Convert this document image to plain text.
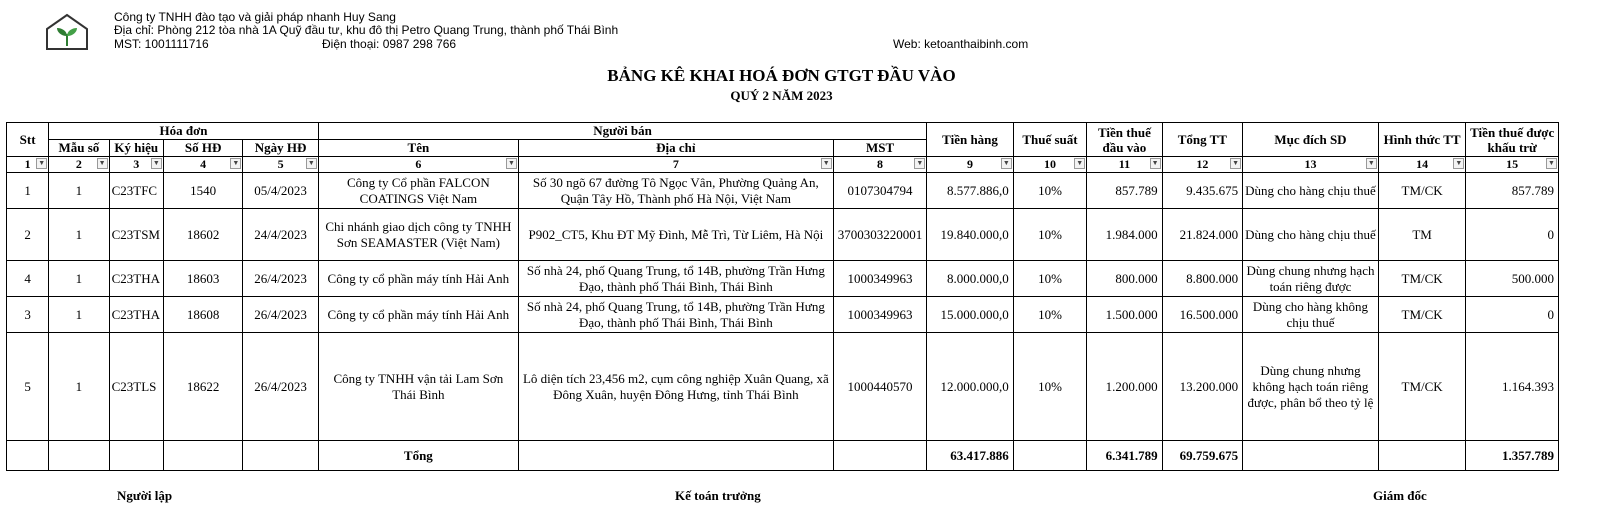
Công ty TNHH đào tạo và giải pháp nhanh Huy Sang
Địa chỉ: Phòng 212 tòa nhà 1A Quỹ đầu tư, khu đô thị Petro Quang Trung, thành phố Thái Bình
MST: 1001111716	Điện thoại: 0987 298 766	Web: ketoanthaibinh.com
BẢNG KÊ KHAI HOÁ ĐƠN GTGT ĐẦU VÀO
QUÝ 2 NĂM 2023
Stt	Hóa đơn				Người bán			Tiền hàng	Thuế suất	Tiền thuế đầu vào	Tổng TT	Mục đích SD	Hình thức TT	Tiền thuế được khấu trừ
	Mẫu số	Ký hiệu	Số HĐ	Ngày HĐ	Tên	Địa chỉ	MST							
1 ▼	2 ▼	3 ▼	4 ▼	5 ▼	6 ▼	7 ▼	8 ▼	9 ▼	10 ▼	11 ▼	12 ▼	13 ▼	14 ▼	15 ▼

1	1	C23TFC	1540	05/4/2023	Công ty Cổ phần FALCON COATINGS Việt Nam	Số 30 ngõ 67 đường Tô Ngọc Vân, Phường Quảng An, Quận Tây Hồ, Thành phố Hà Nội, Việt Nam	0107304794	8.577.886,0	10%	857.789	9.435.675	Dùng cho hàng chịu thuế	TM/CK	857.789
2	1	C23TSM	18602	24/4/2023	Chi nhánh giao dịch công ty TNHH Sơn SEAMASTER (Việt Nam)	P902_CT5, Khu ĐT Mỹ Đình, Mễ Trì, Từ Liêm, Hà Nội	3700303220001	19.840.000,0	10%	1.984.000	21.824.000	Dùng cho hàng chịu thuế	TM	0
4	1	C23THA	18603	26/4/2023	Công ty cổ phần máy tính Hải Anh	Số nhà 24, phố Quang Trung, tổ 14B, phường Trần Hưng Đạo, thành phố Thái Bình, Thái Bình	1000349963	8.000.000,0	10%	800.000	8.800.000	Dùng chung nhưng hạch toán riêng được	TM/CK	500.000
3	1	C23THA	18608	26/4/2023	Công ty cổ phần máy tính Hải Anh	Số nhà 24, phố Quang Trung, tổ 14B, phường Trần Hưng Đạo, thành phố Thái Bình, Thái Bình	1000349963	15.000.000,0	10%	1.500.000	16.500.000	Dùng cho hàng không chịu thuế	TM/CK	0
5	1	C23TLS	18622	26/4/2023	Công ty TNHH vận tải Lam Sơn Thái Bình	Lô diện tích 23,456 m2, cụm công nghiệp Xuân Quang, xã Đông Xuân, huyện Đông Hưng, tỉnh Thái Bình	1000440570	12.000.000,0	10%	1.200.000	13.200.000	Dùng chung nhưng không hạch toán riêng được, phân bổ theo tỷ lệ	TM/CK	1.164.393
					Tổng			63.417.886		6.341.789	69.759.675			1.357.789
Người lập	Kế toán trưởng	Giám đốc
